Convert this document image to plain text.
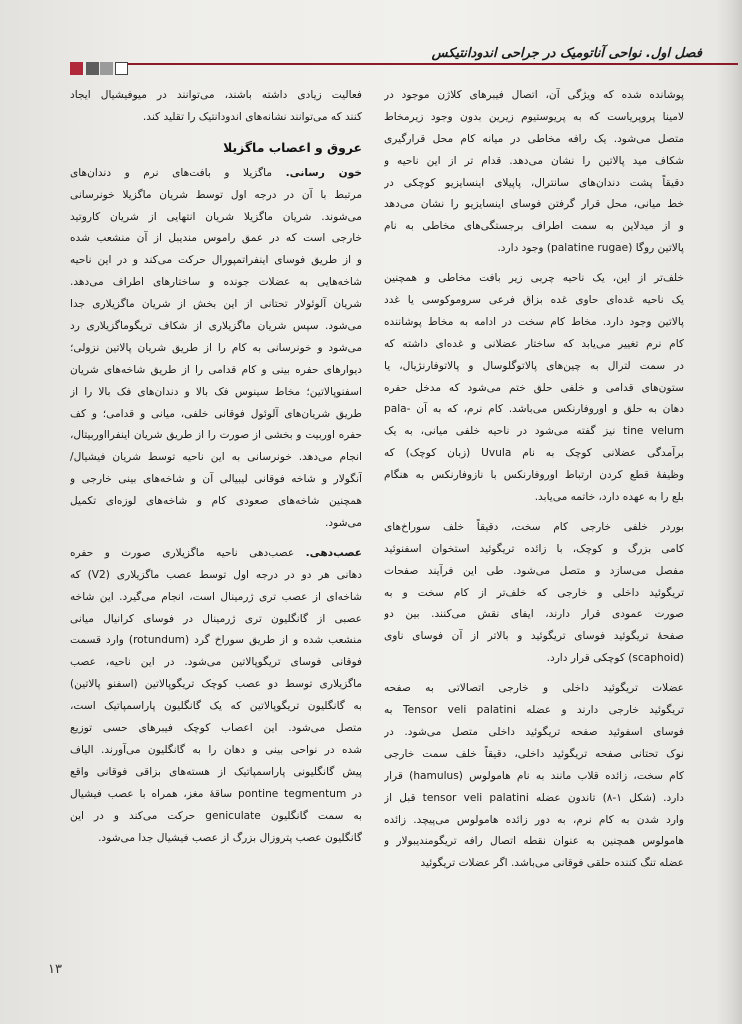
فصل اول. نواحی آناتومیک در جراحی اندودانتیکس
پوشانده شده که ویژگی آن، اتصال فیبرهای کلاژن موجود در
لامینا پروپریاست که به پریوستیوم زیرین بدون وجود زیرمخاط
متصل می‌شود. یک رافه مخاطی در میانه کام محل قرارگیری
شکاف مید پالاتین را نشان می‌دهد. قدام تر از این ناحیه و
دقیقاً پشت دندان‌های سانترال، پاپیلای اینسایزیو کوچکی در
خط میانی، محل قرار گرفتن فوسای اینسایزیو را نشان می‌دهد
و از میدلاین به سمت اطراف برجستگی‌های مخاطی به نام
پالاتین روگا (palatine rugae) وجود دارد.
خلف‌تر از این، یک ناحیه چربی زیر بافت مخاطی و همچنین
یک ناحیه غده‌ای حاوی غده بزاق فرعی سروموکوسی یا غدد
پالاتین وجود دارد. مخاط کام سخت در ادامه به مخاط پوشاننده
کام نرم تغییر می‌یابد که ساختار عضلانی و غده‌ای داشته که
در سمت لترال به چین‌های پالاتوگلوسال و پالاتوفارنژیال، یا
ستون‌های قدامی و خلفی حلق ختم می‌شود که مدخل حفره
دهان به حلق و اوروفارنکس می‌باشد. کام نرم، که به آن -pala
tine velum نیز گفته می‌شود در ناحیه خلفی میانی، به یک
برآمدگی عضلانی کوچک به نام Uvula (زبان کوچک) که
وظیفهٔ قطع کردن ارتباط اوروفارنکس با نازوفارنکس به هنگام
بلع را به عهده دارد، خاتمه می‌یابد.
بوردر خلفی خارجی کام سخت، دقیقاً خلف سوراخ‌های
کامی بزرگ و کوچک، با زائده تریگوئید استخوان اسفنوئید
مفصل می‌سازد و متصل می‌شود. طی این فرآیند صفحات
تریگوئید داخلی و خارجی که خلف‌تر از کام سخت و به
صورت عمودی قرار دارند، ایفای نقش می‌کنند. بین دو
صفحهٔ تریگوئید فوسای تریگوئید و بالاتر از آن فوسای ناوی
(scaphoid) کوچکی قرار دارد.
عضلات تریگوئید داخلی و خارجی اتصالاتی به صفحه
تریگوئید خارجی دارند و عضله Tensor veli palatini به
فوسای اسفوئید صفحه تریگوئید داخلی متصل می‌شود. در
نوک تحتانی صفحه تریگوئید داخلی، دقیقاً خلف سمت خارجی
کام سخت، زائده قلاب مانند به نام هامولوس (hamulus) قرار
دارد. (شکل ۱-۸) تاندون عضله tensor veli palatini قبل از
وارد شدن به کام نرم، به دور زائده هامولوس می‌پیچد. زائده
هامولوس همچنین به عنوان نقطه اتصال رافه تریگومندیبولار و
عضله تنگ کننده حلقی فوقانی می‌باشد. اگر عضلات تریگوئید
فعالیت زیادی داشته باشند، می‌توانند در میوفیشیال ایجاد
کنند که می‌توانند نشانه‌های اندودانتیک را تقلید کند.
عروق و اعصاب ماگزیلا
خون رسانی. ماگزیلا و بافت‌های نرم و دندان‌های
مرتبط با آن در درجه اول توسط شریان ماگزیلا خونرسانی
می‌شوند. شریان ماگزیلا شریان انتهایی از شریان کاروتید
خارجی است که در عمق راموس مندیبل از آن منشعب شده
و از طریق فوسای اینفراتمپورال حرکت می‌کند و در این ناحیه
شاخه‌هایی به عضلات جونده و ساختارهای اطراف می‌دهد.
شریان آلوئولار تحتانی از این بخش از شریان ماگزیلاری جدا
می‌شود. سپس شریان ماگزیلاری از شکاف تریگوماگزیلاری رد
می‌شود و خونرسانی به کام را از طریق شریان پالاتین نزولی؛
دیوارهای حفره بینی و کام قدامی را از طریق شاخه‌های شریان
اسفنوپالاتین؛ مخاط سینوس فک بالا و دندان‌های فک بالا را از
طریق شریان‌های آلوئول فوقانی خلفی، میانی و قدامی؛ و کف
حفره اوربیت و بخشی از صورت را از طریق شریان اینفرااوربیتال،
انجام می‌دهد. خونرسانی به این ناحیه توسط شریان فیشیال/
آنگولار و شاخه فوقانی لیبیالی آن و شاخه‌های بینی خارجی و
همچنین شاخه‌های صعودی کام و شاخه‌های لوزه‌ای تکمیل
می‌شود.
عصب‌دهی. عصب‌دهی ناحیه ماگزیلاری صورت و حفره
دهانی هر دو در درجه اول توسط عصب ماگزیلاری (V2) که
شاخه‌ای از عصب تری ژرمینال است، انجام می‌گیرد. این شاخه
عصبی از گانگلیون تری ژرمینال در فوسای کرانیال میانی
منشعب شده و از طریق سوراخ گرد (rotundum) وارد قسمت
فوقانی فوسای تریگوپالاتین می‌شود. در این ناحیه، عصب
ماگزیلاری توسط دو عصب کوچک تریگوپالاتین (اسفنو پالاتین)
به گانگلیون تریگوپالاتین که یک گانگلیون پاراسمپاتیک است،
متصل می‌شود. این اعصاب کوچک فیبرهای حسی توزیع
شده در نواحی بینی و دهان را به گانگلیون می‌آورند. الیاف
پیش گانگلیونی پاراسمپاتیک از هسته‌های بزاقی فوقانی واقع
در pontine tegmentum ساقهٔ مغز، همراه با عصب فیشیال
به سمت گانگلیون geniculate حرکت می‌کند و در این
گانگلیون عصب پتروزال بزرگ از عصب فیشیال جدا می‌شود.
۱۳
